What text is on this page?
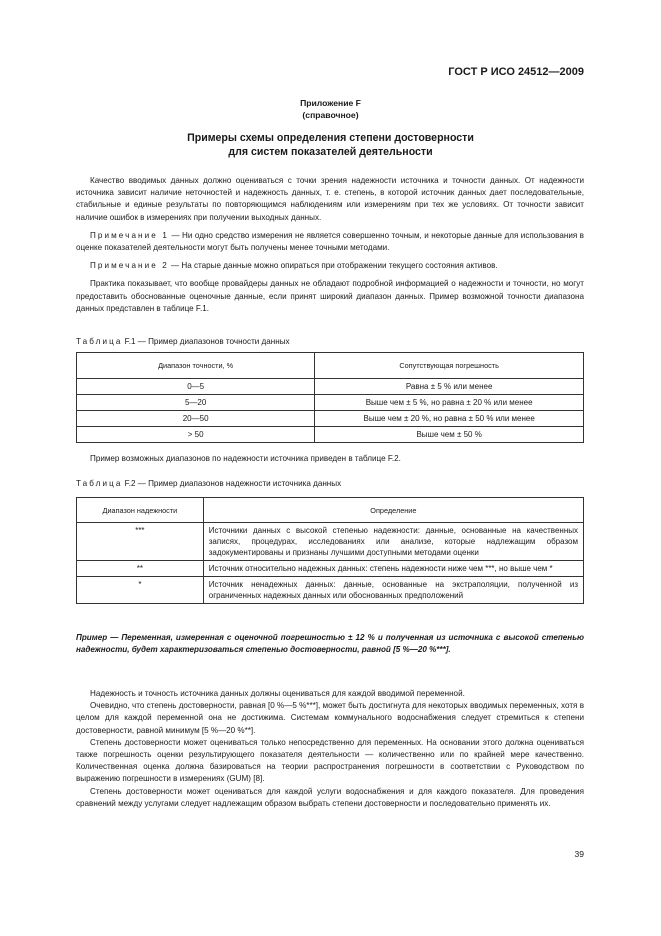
ГОСТ Р ИСО 24512—2009
Приложение F
(справочное)
Примеры схемы определения степени достоверности
для систем показателей деятельности

Качество вводимых данных должно оцениваться с точки зрения надежности источника и точности данных. От надежности источника зависит наличие неточностей и надежность данных, т. е. степень, в которой источник данных дает последовательные, стабильные и единые результаты по повторяющимся наблюдениям или измерениям при тех же условиях. От точности зависит наличие ошибок в измерениях при получении выходных данных.

Примечание 1 — Ни одно средство измерения не является совершенно точным, и некоторые данные для использования в оценке показателей деятельности могут быть получены менее точными методами.

Примечание 2 — На старые данные можно опираться при отображении текущего состояния активов.

Практика показывает, что вообще провайдеры данных не обладают подробной информацией о надежности и точности, но могут предоставить обоснованные оценочные данные, если принят широкий диапазон данных. Пример возможной точности диапазона данных представлен в таблице F.1.

Таблица F.1 — Пример диапазонов точности данных
Диапазон точности, %	Сопутствующая погрешность
0—5	Равна ± 5 % или менее
5—20	Выше чем ± 5 %, но равна ± 20 % или менее
20—50	Выше чем ± 20 %, но равна ± 50 % или менее
> 50	Выше чем ± 50 %

Пример возможных диапазонов по надежности источника приведен в таблице F.2.

Таблица F.2 — Пример диапазонов надежности источника данных
Диапазон надежности	Определение
***	Источники данных с высокой степенью надежности: данные, основанные на качественных записях, процедурах, исследованиях или анализе, которые надлежащим образом задокументированы и признаны лучшими доступными методами оценки
**	Источник относительно надежных данных: степень надежности ниже чем ***, но выше чем *
*	Источник ненадежных данных: данные, основанные на экстраполяции, полученной из ограниченных надежных данных или обоснованных предположений
Пример — Переменная, измеренная с оценочной погрешностью ± 12 % и полученная из источника с высокой степенью надежности, будет характеризоваться степенью достоверности, равной [5 %—20 %***].

Надежность и точность источника данных должны оцениваться для каждой вводимой переменной.

Очевидно, что степень достоверности, равная [0 %—5 %***], может быть достигнута для некоторых вводимых переменных, хотя в целом для каждой переменной она не достижима. Системам коммунального водоснабжения следует стремиться к степени достоверности, равной минимум [5 %—20 %**].

Степень достоверности может оцениваться только непосредственно для переменных. На основании этого должна оцениваться также погрешность оценки результирующего показателя деятельности — количественно или по крайней мере качественно. Количественная оценка должна базироваться на теории распространения погрешности в соответствии с Руководством по выражению погрешности в измерениях (GUM) [8].

Степень достоверности может оцениваться для каждой услуги водоснабжения и для каждого показателя. Для проведения сравнений между услугами следует надлежащим образом выбрать степени достоверности и последовательно применять их.

39
